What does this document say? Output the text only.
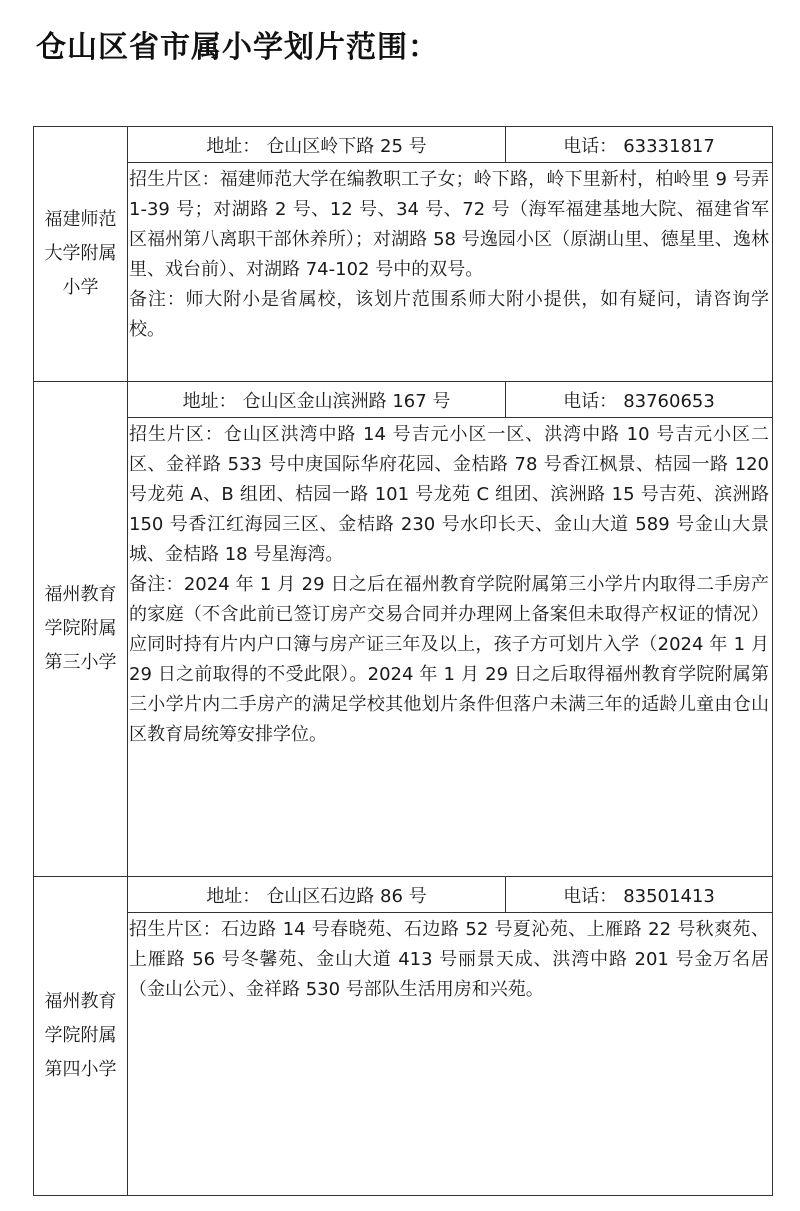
仓山区省市属小学划片范围：
福建师范大学附属小学	地址： 仓山区岭下路 25 号	电话： 63331817

	招生片区：福建师范大学在编教职工子女；岭下路，岭下里新村，柏岭里 9 号弄 1-39 号；对湖路 2 号、12 号、34 号、72 号（海军福建基地大院、福建省军区福州第八离职干部休养所）；对湖路 58 号逸园小区（原湖山里、德星里、逸林里、戏台前）、对湖路 74-102 号中的双号。

备注：师大附小是省属校，该划片范围系师大附小提供，如有疑问，请咨询学校。	

福州教育学院附属第三小学	地址： 仓山区金山滨洲路 167 号	电话： 83760653

	招生片区：仓山区洪湾中路 14 号吉元小区一区、洪湾中路 10 号吉元小区二区、金祥路 533 号中庚国际华府花园、金桔路 78 号香江枫景、桔园一路 120 号龙苑 A、B 组团、桔园一路 101 号龙苑 C 组团、滨洲路 15 号吉苑、滨洲路 150 号香江红海园三区、金桔路 230 号水印长天、金山大道 589 号金山大景城、金桔路 18 号星海湾。

备注：2024 年 1 月 29 日之后在福州教育学院附属第三小学片内取得二手房产的家庭（不含此前已签订房产交易合同并办理网上备案但未取得产权证的情况）应同时持有片内户口簿与房产证三年及以上，孩子方可划片入学（2024 年 1 月 29 日之前取得的不受此限）。2024 年 1 月 29 日之后取得福州教育学院附属第三小学片内二手房产的满足学校其他划片条件但落户未满三年的适龄儿童由仓山区教育局统筹安排学位。	

福州教育学院附属第四小学	地址： 仓山区石边路 86 号	电话： 83501413

	招生片区：石边路 14 号春晓苑、石边路 52 号夏沁苑、上雁路 22 号秋爽苑、上雁路 56 号冬馨苑、金山大道 413 号丽景天成、洪湾中路 201 号金万名居（金山公元）、金祥路 530 号部队生活用房和兴苑。	
